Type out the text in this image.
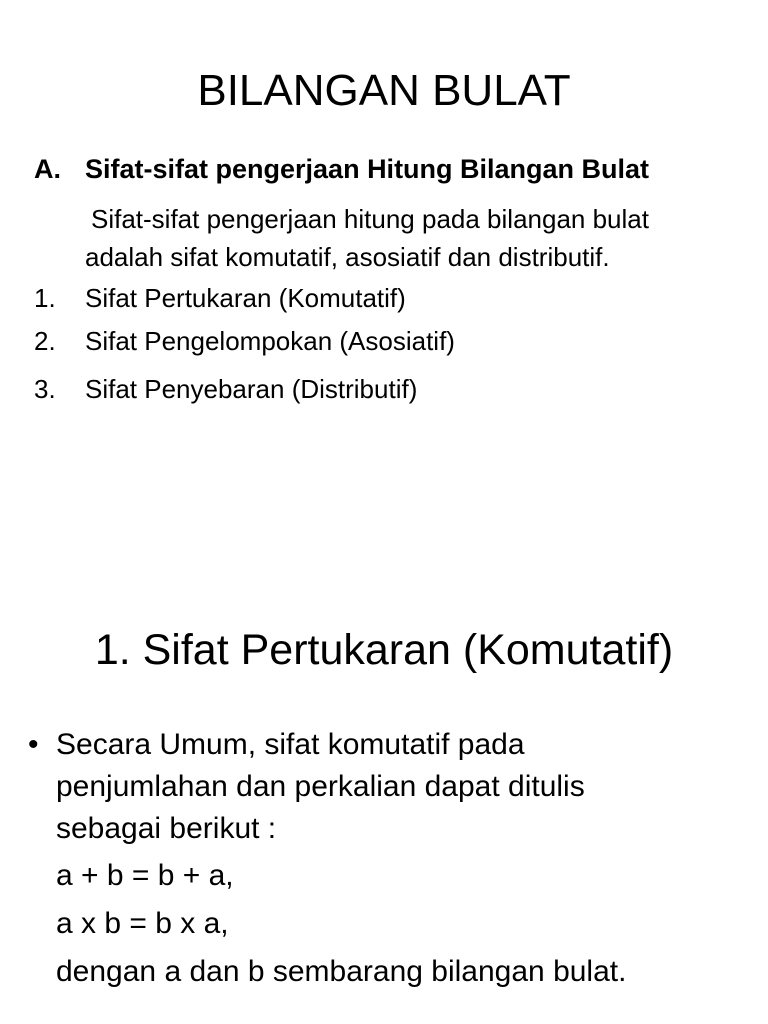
BILANGAN BULAT
A. Sifat-sifat pengerjaan Hitung Bilangan Bulat
Sifat-sifat pengerjaan hitung pada bilangan bulat
adalah sifat komutatif, asosiatif dan distributif.
1. Sifat Pertukaran (Komutatif)
2. Sifat Pengelompokan (Asosiatif)
3. Sifat Penyebaran (Distributif)
1. Sifat Pertukaran (Komutatif)
• Secara Umum, sifat komutatif pada
penjumlahan dan perkalian dapat ditulis
sebagai berikut :
a + b = b + a,
a x b = b x a,
dengan a dan b sembarang bilangan bulat.
